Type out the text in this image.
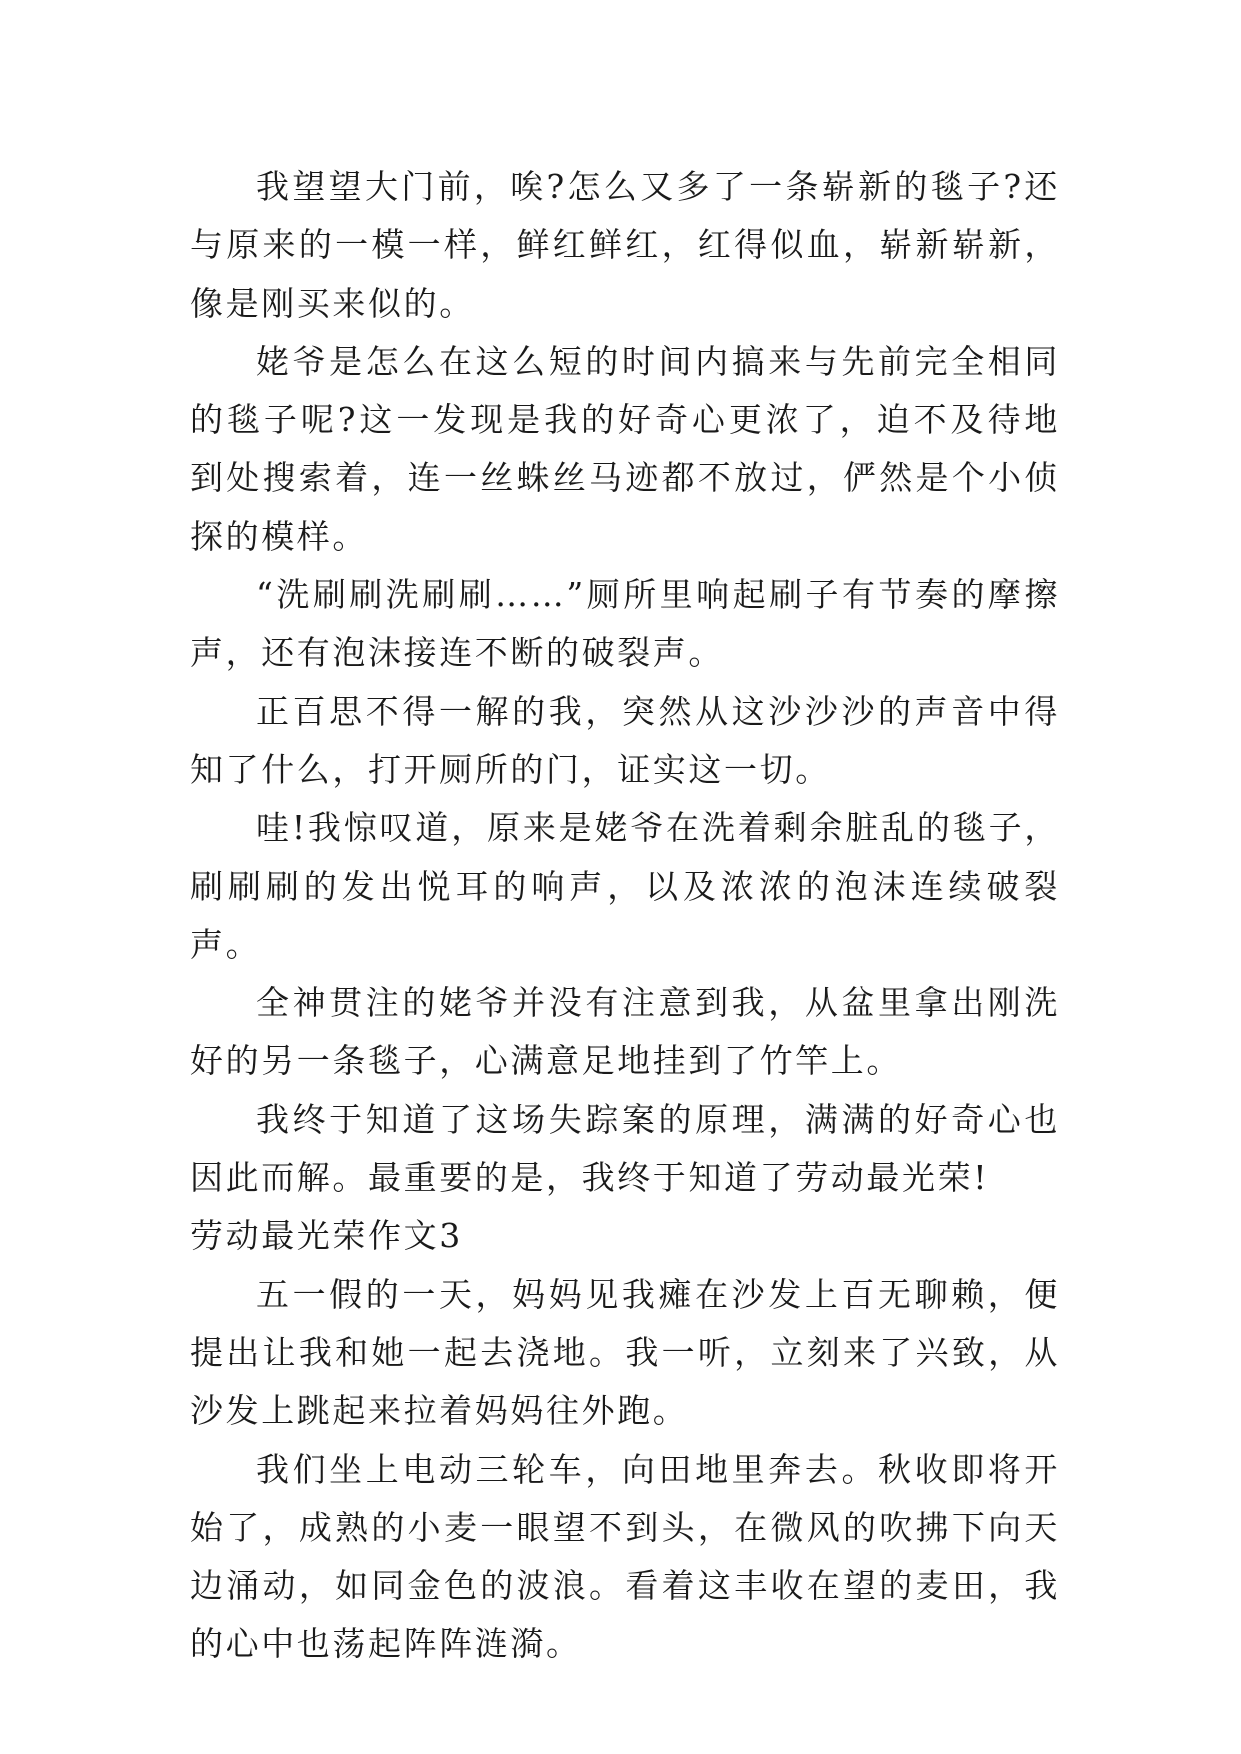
我望望大门前，唉?怎么又多了一条崭新的毯子?还与原来的一模一样，鲜红鲜红，红得似血，崭新崭新，像是刚买来似的。

姥爷是怎么在这么短的时间内搞来与先前完全相同的毯子呢?这一发现是我的好奇心更浓了，迫不及待地到处搜索着，连一丝蛛丝马迹都不放过，俨然是个小侦探的模样。

“洗刷刷洗刷刷……”厕所里响起刷子有节奏的摩擦声，还有泡沫接连不断的破裂声。

正百思不得一解的我，突然从这沙沙沙的声音中得知了什么，打开厕所的门，证实这一切。

哇!我惊叹道，原来是姥爷在洗着剩余脏乱的毯子，刷刷刷的发出悦耳的响声，以及浓浓的泡沫连续破裂声。

全神贯注的姥爷并没有注意到我，从盆里拿出刚洗好的另一条毯子，心满意足地挂到了竹竿上。

我终于知道了这场失踪案的原理，满满的好奇心也因此而解。最重要的是，我终于知道了劳动最光荣!

劳动最光荣作文3

五一假的一天，妈妈见我瘫在沙发上百无聊赖，便提出让我和她一起去浇地。我一听，立刻来了兴致，从沙发上跳起来拉着妈妈往外跑。

我们坐上电动三轮车，向田地里奔去。秋收即将开始了，成熟的小麦一眼望不到头，在微风的吹拂下向天边涌动，如同金色的波浪。看着这丰收在望的麦田，我的心中也荡起阵阵涟漪。
